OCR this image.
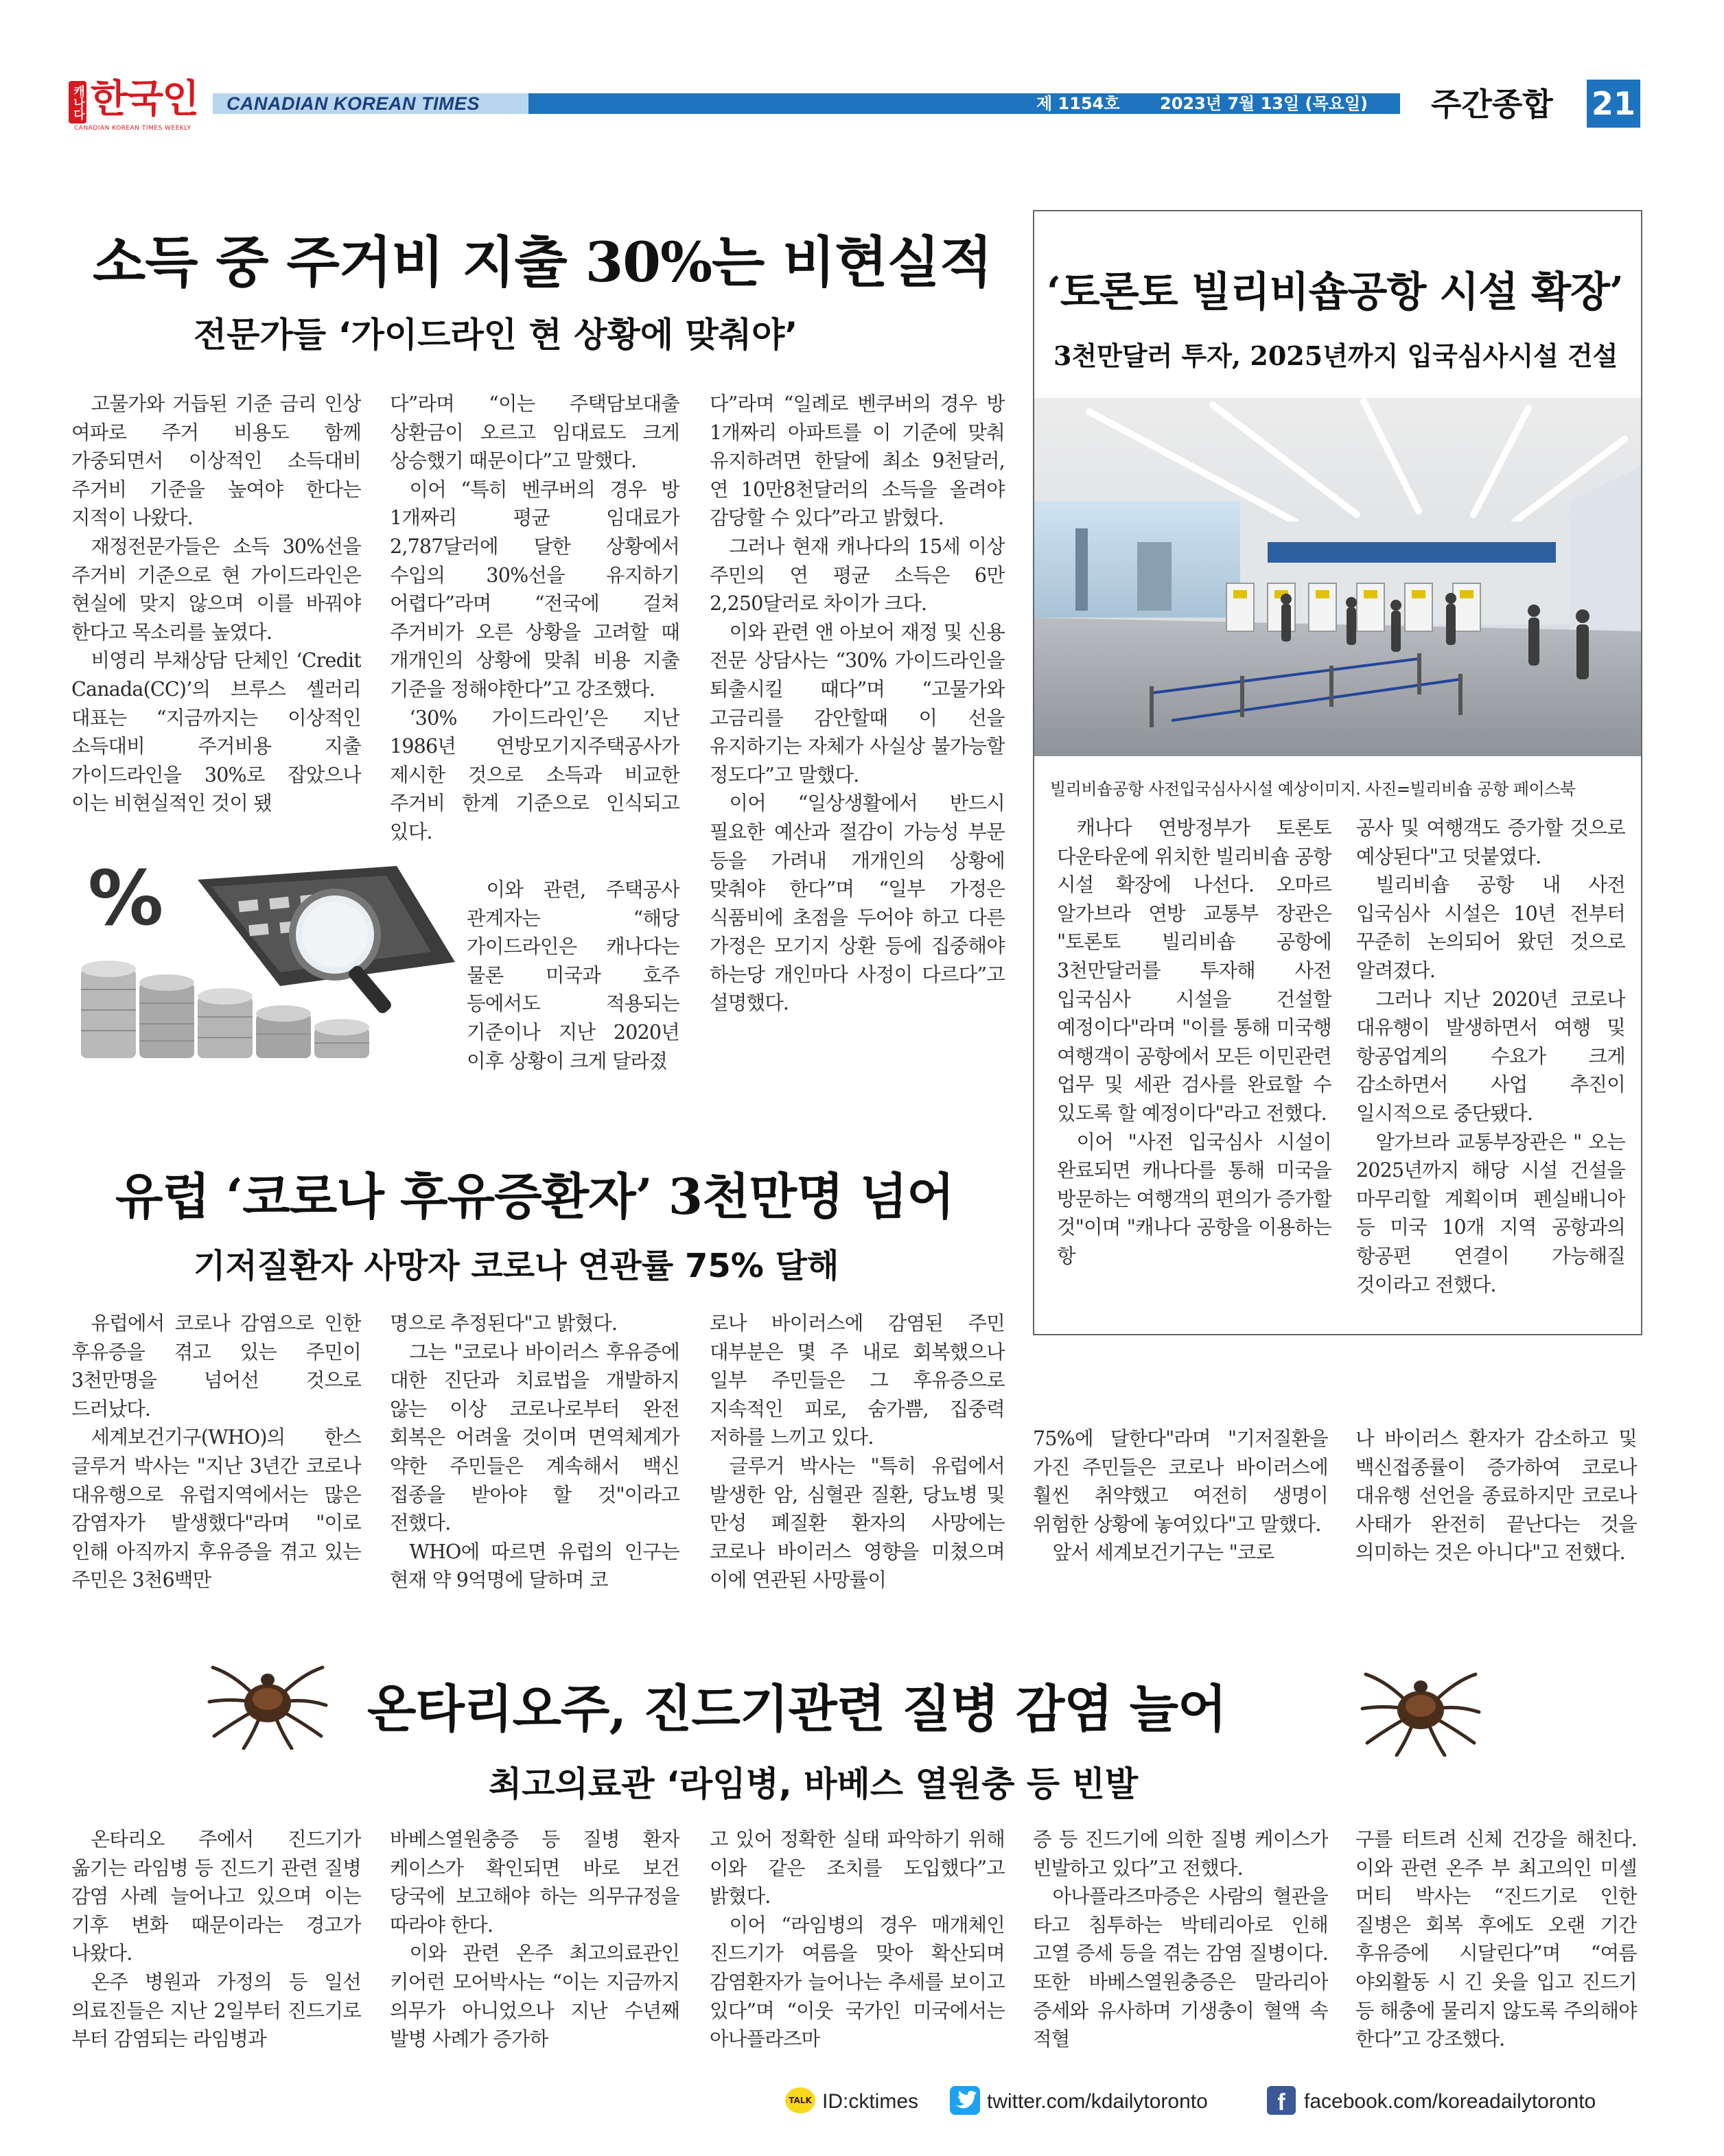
캐나다 한국인
CANADIAN KOREAN TIMES WEEKLY
CANADIAN KOREAN TIMES	제 1154호 2023년 7월 13일 (목요일) 주간종합 21
소득 중 주거비 지출 30%는 비현실적
전문가들 ‘가이드라인 현 상황에 맞춰야’

고물가와 거듭된 기준 금리 인상 여파로 주거 비용도 함께 가중되면서 이상적인 소득대비 주거비 기준을 높여야 한다는 지적이 나왔다.

재정전문가들은 소득 30%선을 주거비 기준으로 현 가이드라인은 현실에 맞지 않으며 이를 바꿔야 한다고 목소리를 높였다.

비영리 부채상담 단체인 ‘Credit Canada(CC)’의 브루스 셸러리 대표는 “지금까지는 이상적인 소득대비 주거비용 지출 가이드라인을 30%로 잡았으나 이는 비현실적인 것이 됐

다”라며 “이는 주택담보대출 상환금이 오르고 임대료도 크게 상승했기 때문이다”고 말했다.

이어 “특히 벤쿠버의 경우 방 1개짜리 평균 임대료가 2,787달러에 달한 상황에서 수입의 30%선을 유지하기 어렵다”라며 “전국에 걸쳐 주거비가 오른 상황을 고려할 때 개개인의 상황에 맞춰 비용 지출 기준을 정해야한다”고 강조했다.

‘30% 가이드라인’은 지난 1986년 연방모기지주택공사가 제시한 것으로 소득과 비교한 주거비 한계 기준으로 인식되고 있다.

이와 관련, 주택공사 관계자는 “해당 가이드라인은 캐나다는 물론 미국과 호주 등에서도 적용되는 기준이나 지난 2020년 이후 상황이 크게 달라졌

다”라며 “일례로 벤쿠버의 경우 방 1개짜리 아파트를 이 기준에 맞춰 유지하려면 한달에 최소 9천달러, 연 10만8천달러의 소득을 올려야 감당할 수 있다”라고 밝혔다.

그러나 현재 캐나다의 15세 이상 주민의 연 평균 소득은 6만 2,250달러로 차이가 크다.

이와 관련 앤 아보어 재정 및 신용 전문 상담사는 “30% 가이드라인을 퇴출시킬 때다”며 “고물가와 고금리를 감안할때 이 선을 유지하기는 자체가 사실상 불가능할 정도다”고 말했다.

이어 “일상생활에서 반드시 필요한 예산과 절감이 가능성 부문 등을 가려내 개개인의 상황에 맞춰야 한다”며 “일부 가정은 식품비에 초점을 두어야 하고 다른 가정은 모기지 상환 등에 집중해야 하는당 개인마다 사정이 다르다”고 설명했다.

%
‘토론토 빌리비숍공항 시설 확장’
3천만달러 투자, 2025년까지 입국심사시설 건설
빌리비숍공항 사전입국심사시설 예상이미지. 사진=빌리비숍 공항 페이스북

캐나다 연방정부가 토론토 다운타운에 위치한 빌리비숍 공항 시설 확장에 나선다. 오마르 알가브라 연방 교통부 장관은 "토론토 빌리비숍 공항에 3천만달러를 투자해 사전 입국심사 시설을 건설할 예정이다"라며 "이를 통해 미국행 여행객이 공항에서 모든 이민관련 업무 및 세관 검사를 완료할 수 있도록 할 예정이다"라고 전했다.

이어 "사전 입국심사 시설이 완료되면 캐나다를 통해 미국을 방문하는 여행객의 편의가 증가할 것"이며 "캐나다 공항을 이용하는 항

공사 및 여행객도 증가할 것으로 예상된다"고 덧붙였다.

빌리비숍 공항 내 사전 입국심사 시설은 10년 전부터 꾸준히 논의되어 왔던 것으로 알려졌다.

그러나 지난 2020년 코로나 대유행이 발생하면서 여행 및 항공업계의 수요가 크게 감소하면서 사업 추진이 일시적으로 중단됐다.

알가브라 교통부장관은 " 오는 2025년까지 해당 시설 건설을 마무리할 계획이며 펜실배니아 등 미국 10개 지역 공항과의 항공편 연결이 가능해질 것이라고 전했다.

유럽 ‘코로나 후유증환자’ 3천만명 넘어
기저질환자 사망자 코로나 연관률 75% 달해

유럽에서 코로나 감염으로 인한 후유증을 겪고 있는 주민이 3천만명을 넘어선 것으로 드러났다.

세계보건기구(WHO)의 한스 글루거 박사는 "지난 3년간 코로나 대유행으로 유럽지역에서는 많은 감염자가 발생했다"라며 "이로 인해 아직까지 후유증을 겪고 있는 주민은 3천6백만

명으로 추정된다"고 밝혔다.

그는 "코로나 바이러스 후유증에 대한 진단과 치료법을 개발하지 않는 이상 코로나로부터 완전 회복은 어려울 것이며 면역체계가 약한 주민들은 계속해서 백신 접종을 받아야 할 것"이라고 전했다.

WHO에 따르면 유럽의 인구는 현재 약 9억명에 달하며 코

로나 바이러스에 감염된 주민 대부분은 몇 주 내로 회복했으나 일부 주민들은 그 후유증으로 지속적인 피로, 숨가쁨, 집중력 저하를 느끼고 있다.

글루거 박사는 "특히 유럽에서 발생한 암, 심혈관 질환, 당뇨병 및 만성 폐질환 환자의 사망에는 코로나 바이러스 영향을 미쳤으며 이에 연관된 사망률이

75%에 달한다"라며 "기저질환을 가진 주민들은 코로나 바이러스에 훨씬 취약했고 여전히 생명이 위험한 상황에 놓여있다"고 말했다.

앞서 세계보건기구는 "코로

나 바이러스 환자가 감소하고 및 백신접종률이 증가하여 코로나 대유행 선언을 종료하지만 코로나 사태가 완전히 끝난다는 것을 의미하는 것은 아니다"고 전했다.

온타리오주, 진드기관련 질병 감염 늘어
최고의료관 ‘라임병, 바베스 열원충 등 빈발

온타리오 주에서 진드기가 옮기는 라임병 등 진드기 관련 질병 감염 사례 늘어나고 있으며 이는 기후 변화 때문이라는 경고가 나왔다.

온주 병원과 가정의 등 일선 의료진들은 지난 2일부터 진드기로 부터 감염되는 라임병과

바베스열원충증 등 질병 환자 케이스가 확인되면 바로 보건 당국에 보고해야 하는 의무규정을 따라야 한다.

이와 관련 온주 최고의료관인 키어런 모어박사는 “이는 지금까지 의무가 아니었으나 지난 수년째 발병 사례가 증가하

고 있어 정확한 실태 파악하기 위해 이와 같은 조치를 도입했다”고 밝혔다.

이어 “라임병의 경우 매개체인 진드기가 여름을 맞아 확산되며 감염환자가 늘어나는 추세를 보이고 있다”며 “이웃 국가인 미국에서는 아나플라즈마

증 등 진드기에 의한 질병 케이스가 빈발하고 있다”고 전했다.

아나플라즈마증은 사람의 혈관을 타고 침투하는 박테리아로 인해 고열 증세 등을 겪는 감염 질병이다. 또한 바베스열원충증은 말라리아 증세와 유사하며 기생충이 혈액 속 적혈

구를 터트려 신체 건강을 해친다. 이와 관련 온주 부 최고의인 미셸 머티 박사는 “진드기로 인한 질병은 회복 후에도 오랜 기간 후유증에 시달린다”며 “여름 야외활동 시 긴 옷을 입고 진드기 등 해충에 물리지 않도록 주의해야 한다”고 강조했다.

TALK ID:cktimes	twitter.com/kdailytoronto	f facebook.com/koreadailytoronto
